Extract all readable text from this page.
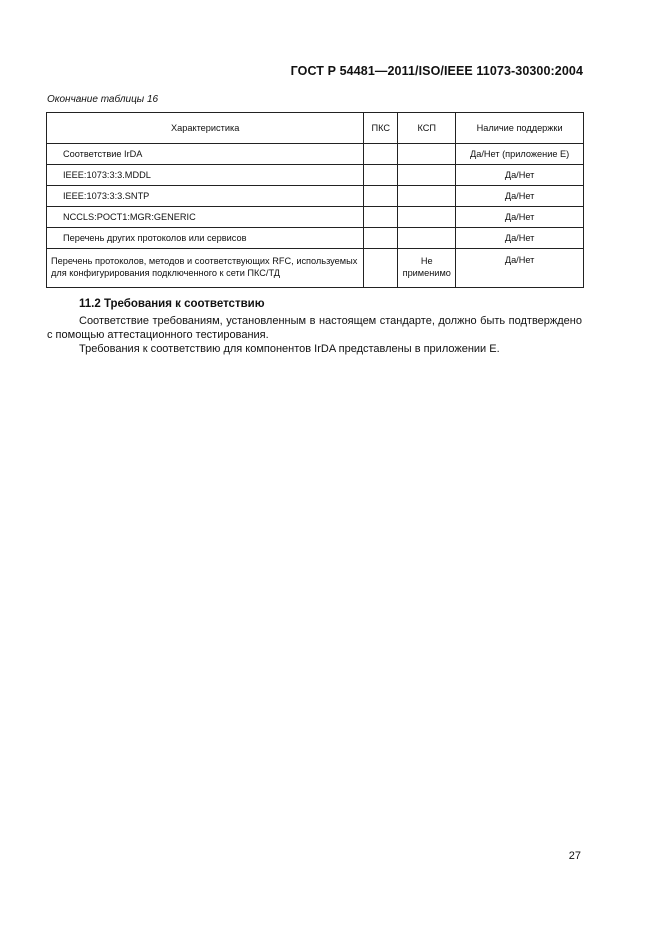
ГОСТ Р 54481—2011/ISO/IEEE 11073-30300:2004
Окончание таблицы 16
Характеристика	ПКС	КСП	Наличие поддержки
Соответствие IrDA			Да/Нет (приложение Е)
IEEE:1073:3:3.MDDL			Да/Нет
IEEE:1073:3:3.SNTP			Да/Нет
NCCLS:POCT1:MGR:GENERIC			Да/Нет
Перечень других протоколов или сервисов			Да/Нет
Перечень протоколов, методов и соответствующих RFC, используемых для конфигурирования подключенного к сети ПКС/ТД		Не применимо	Да/Нет
11.2 Требования к соответствию
Соответствие требованиям, установленным в настоящем стандарте, должно быть подтверждено с помощью аттестационного тестирования.
Требования к соответствию для компонентов IrDA представлены в приложении Е.
27
